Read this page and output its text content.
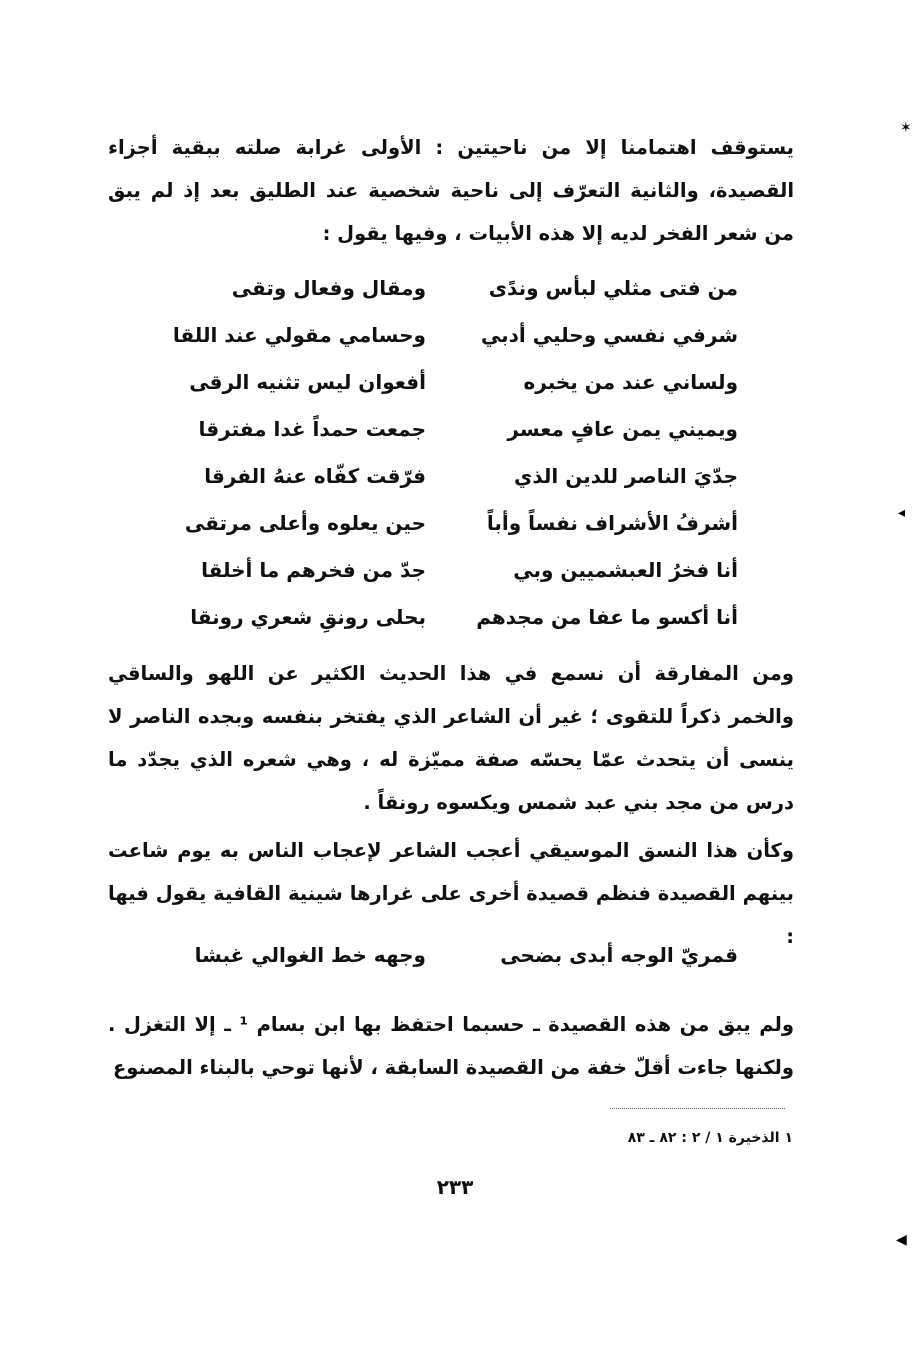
✶
◂
◀
يستوقف اهتمامنا إلا من ناحيتين : الأولى غرابة صلته ببقية أجزاء القصيدة، والثانية التعرّف إلى ناحية شخصية عند الطليق بعد إذ لم يبق من شعر الفخر لديه إلا هذه الأبيات ، وفيها يقول :
من فتى مثلي لبأس وندًى
ومقال وفعال وتقى
شرفي نفسي وحليي أدبي
وحسامي مقولي عند اللقا
ولساني عند من يخبره
أفعوان ليس تثنيه الرقى
ويميني يمن عافٍ معسر
جمعت حمداً غدا مفترقا
جدّيَ الناصر للدين الذي
فرّقت كفّاه عنهُ الفرقا
أشرفُ الأشراف نفساً وأباً
حين يعلوه وأعلى مرتقى
أنا فخرُ العبشميين وبي
جدّ من فخرهم ما أخلقا
أنا أكسو ما عفا من مجدهم
بحلى رونقِ شعري رونقا
ومن المفارقة أن نسمع في هذا الحديث الكثير عن اللهو والساقي والخمر ذكراً للتقوى ؛ غير أن الشاعر الذي يفتخر بنفسه وبجده الناصر لا ينسى أن يتحدث عمّا يحسّه صفة مميّزة له ، وهي شعره الذي يجدّد ما درس من مجد بني عبد شمس ويكسوه رونقاً .
وكأن هذا النسق الموسيقي أعجب الشاعر لإعجاب الناس به يوم شاعت بينهم القصيدة فنظم قصيدة أخرى على غرارها شينية القافية يقول فيها :
قمريّ الوجه أبدى بضحى
وجهه خط الغوالي غبشا
ولم يبق من هذه القصيدة ـ حسبما احتفظ بها ابن بسام ¹ ـ إلا التغزل . ولكنها جاءت أقلّ خفة من القصيدة السابقة ، لأنها توحي بالبناء المصنوع
١ الذخيرة ١ / ٢ : ٨٢ ـ ٨٣
٢٣٣
